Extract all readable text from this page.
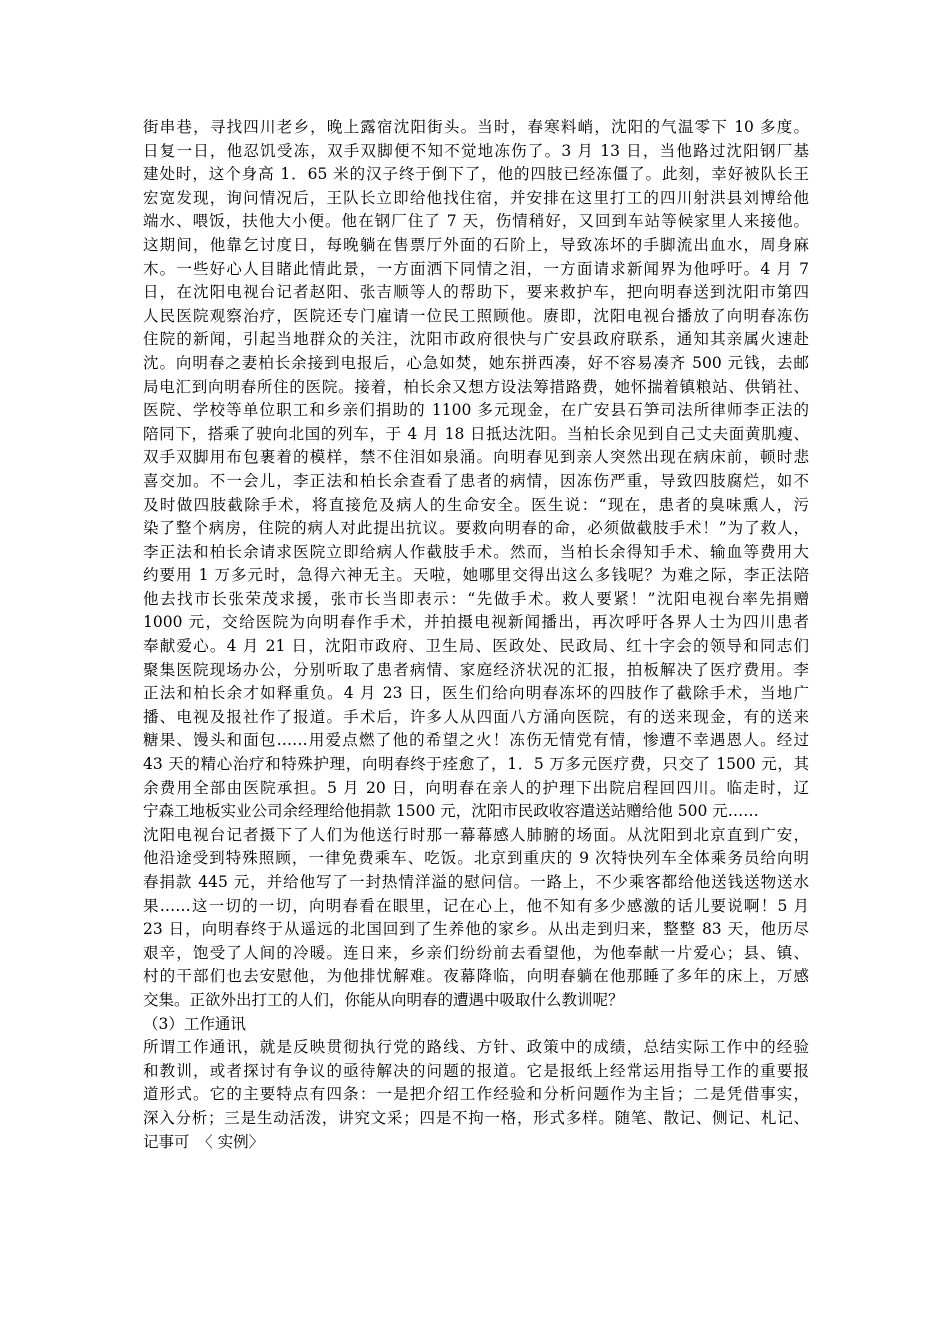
街串巷，寻找四川老乡，晚上露宿沈阳街头。当时，春寒料峭，沈阳的气温零下 10 多度。
日复一日，他忍饥受冻，双手双脚便不知不觉地冻伤了。3 月 13 日，当他路过沈阳钢厂基
建处时，这个身高 1．65 米的汉子终于倒下了，他的四肢已经冻僵了。此刻，幸好被队长王
宏宽发现，询问情况后，王队长立即给他找住宿，并安排在这里打工的四川射洪县刘博给他
端水、喂饭，扶他大小便。他在钢厂住了 7 天，伤情稍好，又回到车站等候家里人来接他。
这期间，他靠乞讨度日，每晚躺在售票厅外面的石阶上，导致冻坏的手脚流出血水，周身麻
木。一些好心人目睹此情此景，一方面洒下同情之泪，一方面请求新闻界为他呼吁。4 月 7
日，在沈阳电视台记者赵阳、张吉顺等人的帮助下，要来救护车，把向明春送到沈阳市第四
人民医院观察治疗，医院还专门雇请一位民工照顾他。赓即，沈阳电视台播放了向明春冻伤
住院的新闻，引起当地群众的关注，沈阳市政府很快与广安县政府联系，通知其亲属火速赴
沈。向明春之妻柏长余接到电报后，心急如焚，她东拼西凑，好不容易凑齐 500 元钱，去邮
局电汇到向明春所住的医院。接着，柏长余又想方设法筹措路费，她怀揣着镇粮站、供销社、
医院、学校等单位职工和乡亲们捐助的 1100 多元现金，在广安县石笋司法所律师李正法的
陪同下，搭乘了驶向北国的列车，于 4 月 18 日抵达沈阳。当柏长余见到自己丈夫面黄肌瘦、
双手双脚用布包裹着的模样，禁不住泪如泉涌。向明春见到亲人突然出现在病床前，顿时悲
喜交加。不一会儿，李正法和柏长余查看了患者的病情，因冻伤严重，导致四肢腐烂，如不
及时做四肢截除手术，将直接危及病人的生命安全。医生说：“现在，患者的臭味熏人，污
染了整个病房，住院的病人对此提出抗议。要救向明春的命，必须做截肢手术！”为了救人，
李正法和柏长余请求医院立即给病人作截肢手术。然而，当柏长余得知手术、输血等费用大
约要用 1 万多元时，急得六神无主。天啦，她哪里交得出这么多钱呢？为难之际，李正法陪
他去找市长张荣茂求援，张市长当即表示：“先做手术。救人要紧！”沈阳电视台率先捐赠
1000 元，交给医院为向明春作手术，并拍摄电视新闻播出，再次呼吁各界人士为四川患者
奉献爱心。4 月 21 日，沈阳市政府、卫生局、医政处、民政局、红十字会的领导和同志们
聚集医院现场办公，分别听取了患者病情、家庭经济状况的汇报，拍板解决了医疗费用。李
正法和柏长余才如释重负。4 月 23 日，医生们给向明春冻坏的四肢作了截除手术，当地广
播、电视及报社作了报道。手术后，许多人从四面八方涌向医院，有的送来现金，有的送来
糖果、馒头和面包……用爱点燃了他的希望之火！冻伤无情党有情，惨遭不幸遇恩人。经过
43 天的精心治疗和特殊护理，向明春终于痊愈了，1．5 万多元医疗费，只交了 1500 元，其
余费用全部由医院承担。5 月 20 日，向明春在亲人的护理下出院启程回四川。临走时，辽
宁森工地板实业公司余经理给他捐款 1500 元，沈阳市民政收容遣送站赠给他 500 元……
沈阳电视台记者摄下了人们为他送行时那一幕幕感人肺腑的场面。从沈阳到北京直到广安，
他沿途受到特殊照顾，一律免费乘车、吃饭。北京到重庆的 9 次特快列车全体乘务员给向明
春捐款 445 元，并给他写了一封热情洋溢的慰问信。一路上，不少乘客都给他送钱送物送水
果……这一切的一切，向明春看在眼里，记在心上，他不知有多少感激的话儿要说啊！5 月
23 日，向明春终于从遥远的北国回到了生养他的家乡。从出走到归来，整整 83 天，他历尽
艰辛，饱受了人间的冷暖。连日来，乡亲们纷纷前去看望他，为他奉献一片爱心；县、镇、
村的干部们也去安慰他，为他排忧解难。夜幕降临，向明春躺在他那睡了多年的床上，万感
交集。正欲外出打工的人们，你能从向明春的遭遇中吸取什么教训呢？
（3）工作通讯
所谓工作通讯，就是反映贯彻执行党的路线、方针、政策中的成绩，总结实际工作中的经验
和教训，或者探讨有争议的亟待解决的问题的报道。它是报纸上经常运用指导工作的重要报
道形式。它的主要特点有四条：一是把介绍工作经验和分析问题作为主旨；二是凭借事实，
深入分析；三是生动活泼，讲究文采；四是不拘一格，形式多样。随笔、散记、侧记、札记、
记事可　〈 实例〉
